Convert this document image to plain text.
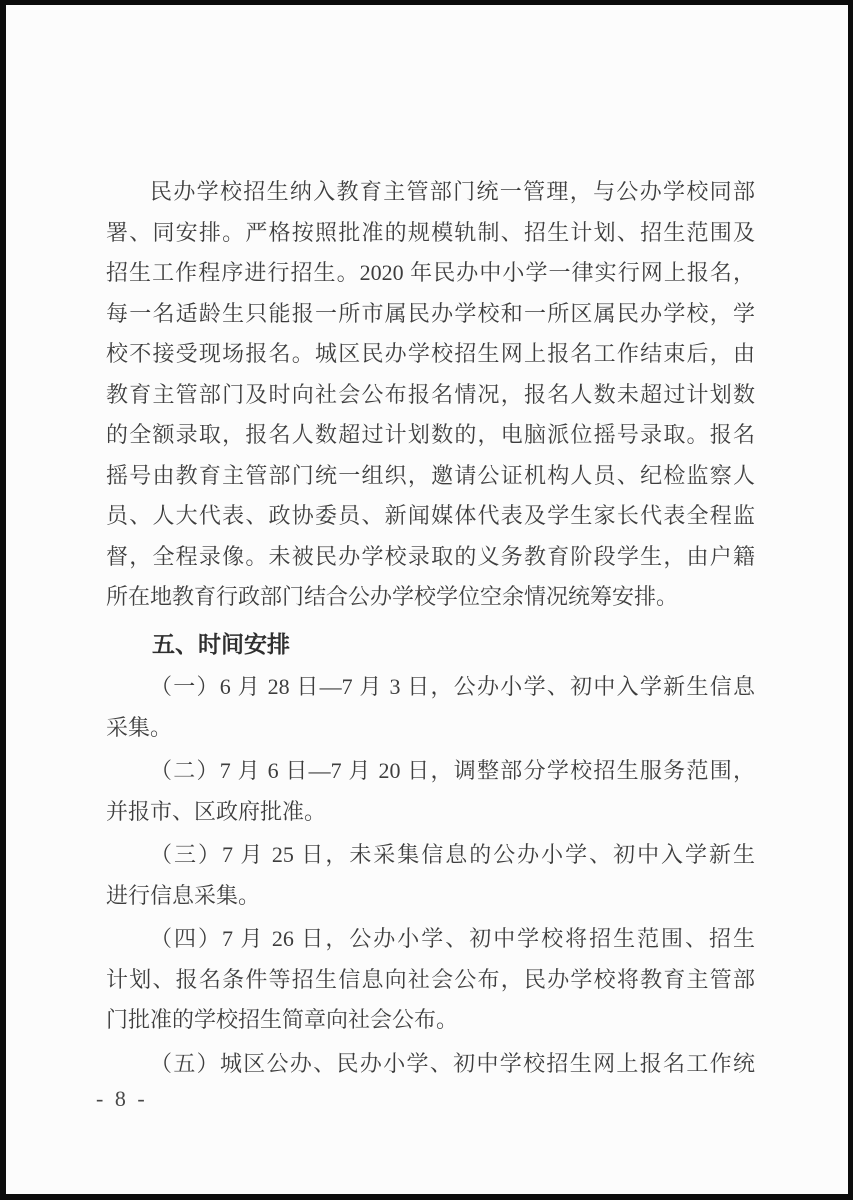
民办学校招生纳入教育主管部门统一管理，与公办学校同部
署、同安排。严格按照批准的规模轨制、招生计划、招生范围及
招生工作程序进行招生。2020 年民办中小学一律实行网上报名，
每一名适龄生只能报一所市属民办学校和一所区属民办学校，学
校不接受现场报名。城区民办学校招生网上报名工作结束后，由
教育主管部门及时向社会公布报名情况，报名人数未超过计划数
的全额录取，报名人数超过计划数的，电脑派位摇号录取。报名
摇号由教育主管部门统一组织，邀请公证机构人员、纪检监察人
员、人大代表、政协委员、新闻媒体代表及学生家长代表全程监
督，全程录像。未被民办学校录取的义务教育阶段学生，由户籍
所在地教育行政部门结合公办学校学位空余情况统筹安排。
五、时间安排
（一）6 月 28 日—7 月 3 日，公办小学、初中入学新生信息
采集。
（二）7 月 6 日—7 月 20 日，调整部分学校招生服务范围，
并报市、区政府批准。
（三）7 月 25 日，未采集信息的公办小学、初中入学新生
进行信息采集。
（四）7 月 26 日，公办小学、初中学校将招生范围、招生
计划、报名条件等招生信息向社会公布，民办学校将教育主管部
门批准的学校招生简章向社会公布。
（五）城区公办、民办小学、初中学校招生网上报名工作统
- 8 -
